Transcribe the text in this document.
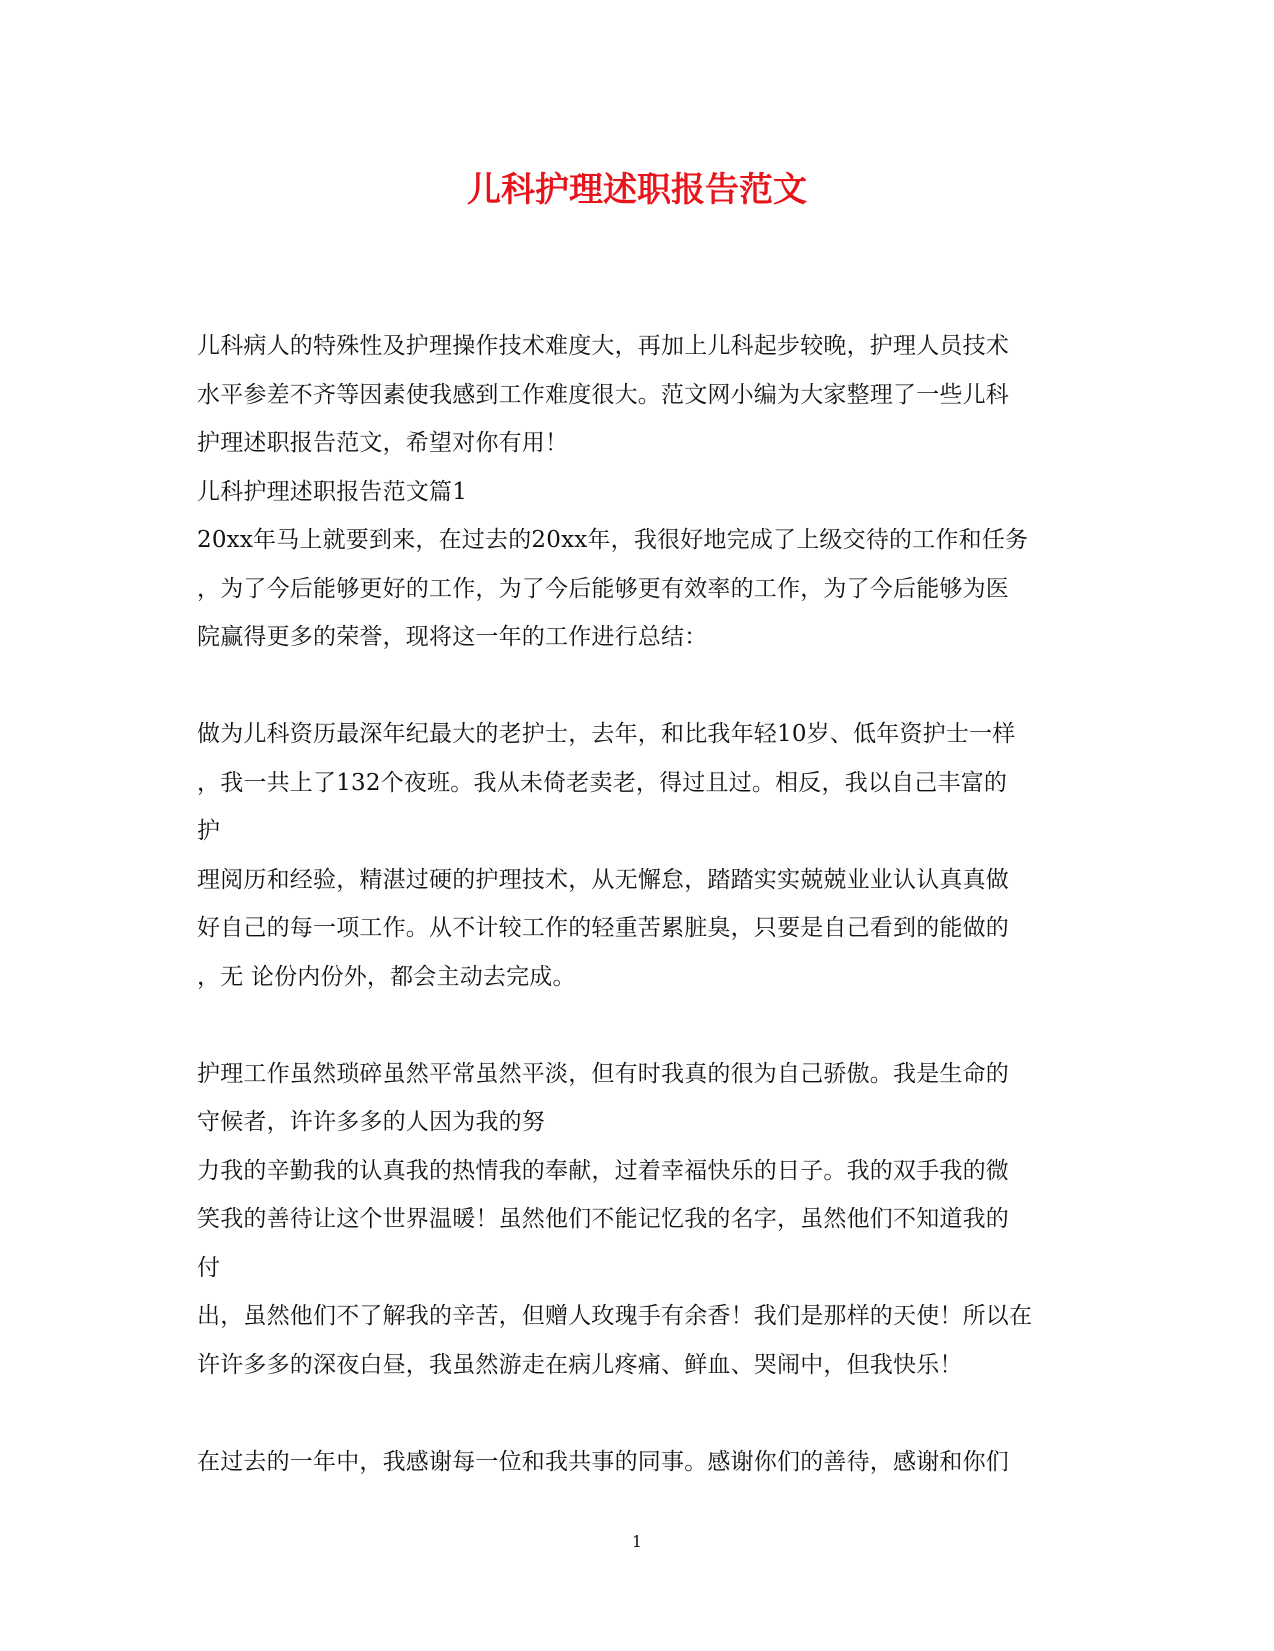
儿科护理述职报告范文
儿科病人的特殊性及护理操作技术难度大，再加上儿科起步较晚，护理人员技术
水平参差不齐等因素使我感到工作难度很大。范文网小编为大家整理了一些儿科
护理述职报告范文，希望对你有用！
儿科护理述职报告范文篇1
20xx年马上就要到来，在过去的20xx年，我很好地完成了上级交待的工作和任务
，为了今后能够更好的工作，为了今后能够更有效率的工作，为了今后能够为医
院赢得更多的荣誉，现将这一年的工作进行总结：
做为儿科资历最深年纪最大的老护士，去年，和比我年轻10岁、低年资护士一样
，我一共上了132个夜班。我从未倚老卖老，得过且过。相反，我以自己丰富的
护
理阅历和经验，精湛过硬的护理技术，从无懈怠，踏踏实实兢兢业业认认真真做
好自己的每一项工作。从不计较工作的轻重苦累脏臭，只要是自己看到的能做的
，无 论份内份外，都会主动去完成。
护理工作虽然琐碎虽然平常虽然平淡，但有时我真的很为自己骄傲。我是生命的
守候者，许许多多的人因为我的努
力我的辛勤我的认真我的热情我的奉献，过着幸福快乐的日子。我的双手我的微
笑我的善待让这个世界温暖！虽然他们不能记忆我的名字，虽然他们不知道我的
付
出，虽然他们不了解我的辛苦，但赠人玫瑰手有余香！我们是那样的天使！所以在
许许多多的深夜白昼，我虽然游走在病儿疼痛、鲜血、哭闹中，但我快乐！
在过去的一年中，我感谢每一位和我共事的同事。感谢你们的善待，感谢和你们
1
